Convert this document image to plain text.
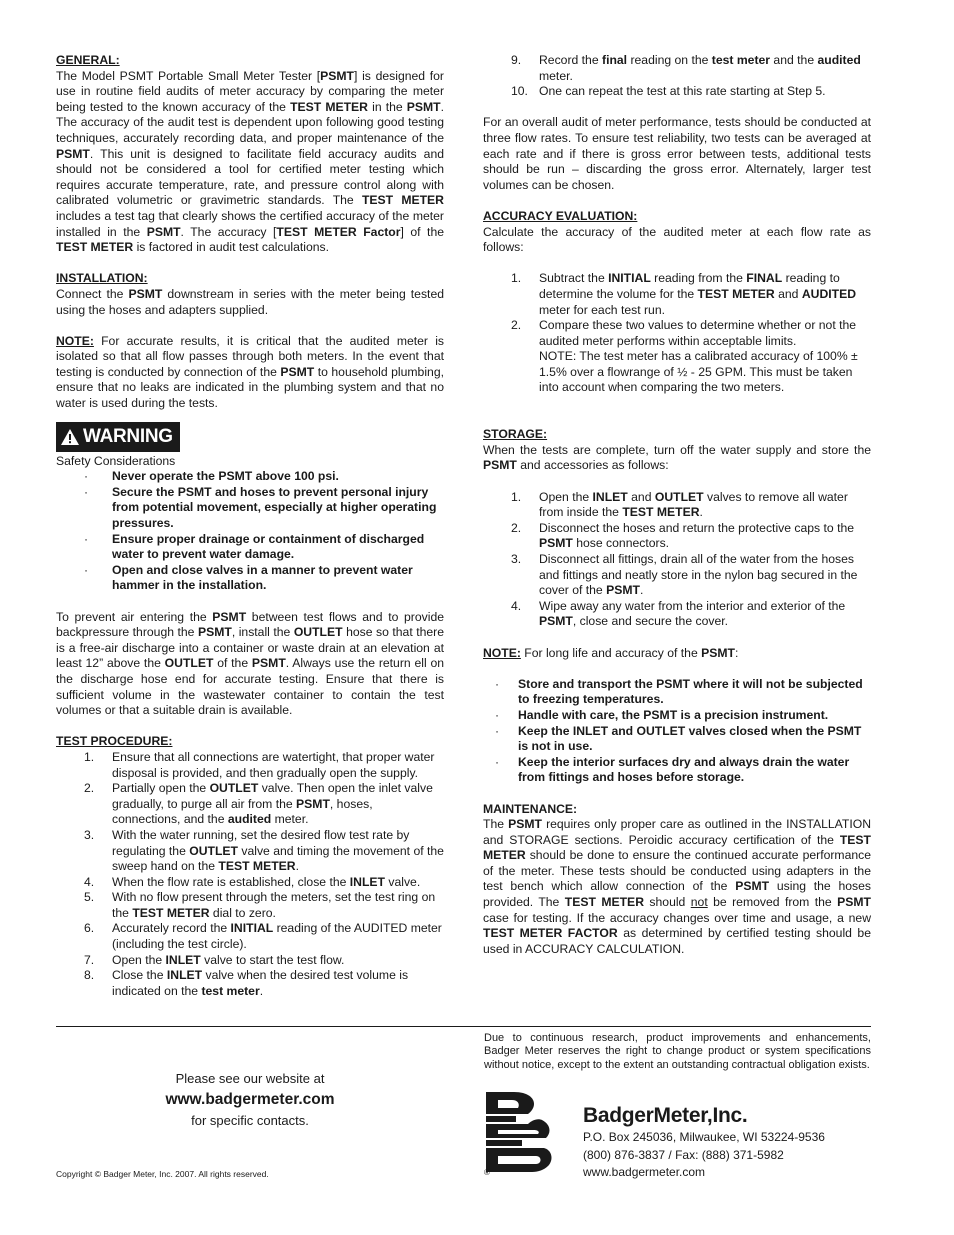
GENERAL:

The Model PSMT Portable Small Meter Tester [PSMT] is designed for use in routine field audits of meter accuracy by comparing the meter being tested to the known accuracy of the TEST METER in the PSMT. The accuracy of the audit test is dependent upon following good testing techniques, accurately recording data, and proper maintenance of the PSMT. This unit is designed to facilitate field accuracy audits and should not be considered a tool for certified meter testing which requires accurate temperature, rate, and pressure control along with calibrated volumetric or gravimetric standards. The TEST METER includes a test tag that clearly shows the certified accuracy of the meter installed in the PSMT. The accuracy [TEST METER Factor] of the TEST METER is factored in audit test calculations.

INSTALLATION:

Connect the PSMT downstream in series with the meter being tested using the hoses and adapters supplied.

NOTE: For accurate results, it is critical that the audited meter is isolated so that all flow passes through both meters. In the event that testing is conducted by connection of the PSMT to household plumbing, ensure that no leaks are indicated in the plumbing system and that no water is used during the tests.

WARNING
Safety Considerations
· Never operate the PSMT above 100 psi.
· Secure the PSMT and hoses to prevent personal injury from potential movement, especially at higher operating pressures.
· Ensure proper drainage or containment of discharged water to prevent water damage.
· Open and close valves in a manner to prevent water hammer in the installation.

To prevent air entering the PSMT between test flows and to provide backpressure through the PSMT, install the OUTLET hose so that there is a free-air discharge into a container or waste drain at an elevation at least 12” above the OUTLET of the PSMT. Always use the return ell on the discharge hose end for accurate testing. Ensure that there is sufficient volume in the wastewater container to contain the test volumes or that a suitable drain is available.

TEST PROCEDURE:
1. Ensure that all connections are watertight, that proper water disposal is provided, and then gradually open the supply.
2. Partially open the OUTLET valve. Then open the inlet valve gradually, to purge all air from the PSMT, hoses, connections, and the audited meter.
3. With the water running, set the desired flow test rate by regulating the OUTLET valve and timing the movement of the sweep hand on the TEST METER.
4. When the flow rate is established, close the INLET valve.
5. With no flow present through the meters, set the test ring on the TEST METER dial to zero.
6. Accurately record the INITIAL reading of the AUDITED meter (including the test circle).
7. Open the INLET valve to start the test flow.
8. Close the INLET valve when the desired test volume is indicated on the test meter.
9. Record the final reading on the test meter and the audited meter.
10. One can repeat the test at this rate starting at Step 5.

For an overall audit of meter performance, tests should be conducted at three flow rates. To ensure test reliability, two tests can be averaged at each rate and if there is gross error between tests, additional tests should be run – discarding the gross error. Alternately, larger test volumes can be chosen.

ACCURACY EVALUATION:

Calculate the accuracy of the audited meter at each flow rate as follows:

1. Subtract the INITIAL reading from the FINAL reading to determine the volume for the TEST METER and AUDITED meter for each test run.
2. Compare these two values to determine whether or not the audited meter performs within acceptable limits.
NOTE: The test meter has a calibrated accuracy of 100% ± 1.5% over a flowrange of ½ - 25 GPM. This must be taken into account when comparing the two meters.
STORAGE:

When the tests are complete, turn off the water supply and store the PSMT and accessories as follows:

1. Open the INLET and OUTLET valves to remove all water from inside the TEST METER.
2. Disconnect the hoses and return the protective caps to the PSMT hose connectors.
3. Disconnect all fittings, drain all of the water from the hoses and fittings and neatly store in the nylon bag secured in the cover of the PSMT.
4. Wipe away any water from the interior and exterior of the PSMT, close and secure the cover.

NOTE: For long life and accuracy of the PSMT:

· Store and transport the PSMT where it will not be subjected to freezing temperatures.
· Handle with care, the PSMT is a precision instrument.
· Keep the INLET and OUTLET valves closed when the PSMT is not in use.
· Keep the interior surfaces dry and always drain the water from fittings and hoses before storage.
MAINTENANCE:

The PSMT requires only proper care as outlined in the INSTALLATION and STORAGE sections. Peroidic accuracy certification of the TEST METER should be done to ensure the continued accurate performance of the meter. These tests should be conducted using adapters in the test bench which allow connection of the PSMT using the hoses provided. The TEST METER should not be removed from the PSMT case for testing. If the accuracy changes over time and usage, a new TEST METER FACTOR as determined by certified testing should be used in ACCURACY CALCULATION.

Please see our website at
www.badgermeter.com
for specific contacts.
Copyright © Badger Meter, Inc. 2007. All rights reserved.
Due to continuous research, product improvements and enhancements, Badger Meter reserves the right to change product or system specifications without notice, except to the extent an outstanding contractual obligation exists.
®
BadgerMeter,Inc.
P.O. Box 245036, Milwaukee, WI 53224-9536
(800) 876-3837 / Fax: (888) 371-5982
www.badgermeter.com
